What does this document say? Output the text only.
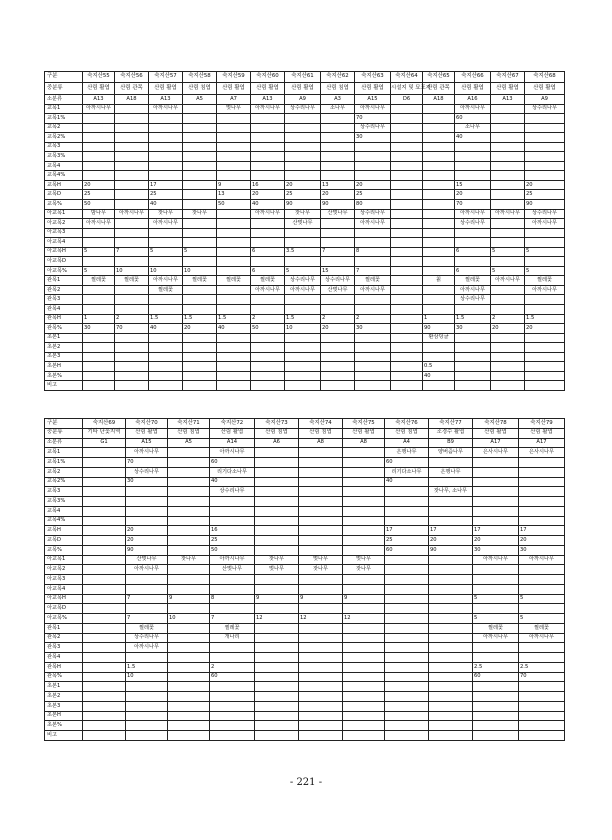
구분	숙지산55	숙지산56	숙지산57	숙지산58	숙지산59	숙지산60	숙지산61	숙지산62	숙지산63	숙지산64	숙지산65	숙지산66	숙지산67	숙지산68
중분류	산림 활엽	산림 관목	산림 활엽	산림 침엽	산림 활엽	산림 활엽	산림 활엽	산림 침엽	산림 활엽	시설지 및 묘포지	산림 관목	산림 활엽	산림 활엽	산림 활엽
소분류	A13	A18	A13	A5	A7	A13	A9	A3	A15	D6	A18	A16	A13	A9
교목1	아까시나무		아까시나무		벚나무	아까시나무	상수리나무	소나무	아까시나무			아까시나무		상수리나무
교목1%									70			60		
교목2									상수리나무			소나무		
교목2%									30			40		
교목3														
교목3%														
교목4														
교목4%														
교목H	20		17		9	16	20	13	20			15		20
교목D	25		25		13	20	25	20	25			20		25
교목%	50		40		50	40	90	90	80			70		90
아교목1	밤나무	아까시나무	잣나무	잣나무		아까시나무	잣나무	산벚나무	상수리나무			아까시나무	아까시나무	상수리나무
아교목2	아까시나무		아까시나무				산벚나무		아까시나무			상수리나무		아까시나무
아교목3														
아교목4														
아교목H	5	7	5	5		6	3.5	7	8			6	5	5
아교목D														
아교목%	5	10	10	10		6	5	15	7			6	5	5
관목1	찔레꽃	찔레꽃	아까시나무	찔레꽃	찔레꽃	찔레꽃	상수리나무	상수리나무	찔레꽃		칡	찔레꽃	아까시나무	찔레꽃
관목2			찔레꽃			아까시나무	아까시나무	산벚나무	아까시나무			아까시나무		아까시나무
관목3												상수리나무		
관목4														
관목H	1	2	1.5	1.5	1.5	2	1.5	2	2		1	1.5	2	1.5
관목%	30	70	40	20	40	50	10	20	30		90	30	20	20
초본1											환삼덩굴			
초본2														
초본3														
초본H											0.5			
초본%											40			
비고														
구분	숙지산69	숙지산70	숙지산71	숙지산72	숙지산73	숙지산74	숙지산75	숙지산76	숙지산77	숙지산78	숙지산79
중분류	기타 단꽃지역	산림 활엽	산림 침엽	산림 활엽	산림 침엽	산림 침엽	산림 활엽	산림 침엽	조경수 활엽	산림 활엽	산림 활엽
소분류	G1	A15	A5	A14	A6	A8	A8	A4	B9	A17	A17
교목1		아까시나무		아까시나무				은행나무	양버즘나무	은사시나무	은사시나무
교목1%		70		60				60			
교목2		상수리나무		리기다소나무				리기다소나무	은행나무		
교목2%		30		40				40			
교목3				상수리나무					잣나무, 소나무		
교목3%											
교목4											
교목4%											
교목H		20		16				17	17	17	17
교목D		20		25				25	20	20	20
교목%		90		50				60	90	30	30
아교목1		산벚나무	잣나무	아까시나무	잣나무	벚나무	벚나무			아까시나무	아까시나무
아교목2		아까시나무		산벚나무	벚나무	잣나무	잣나무				
아교목3											
아교목4											
아교목H		7	9	8	9	9	9			5	5
아교목D											
아교목%		7	10	7	12	12	12			5	5
관목1		찔레꽃		찔레꽃						찔레꽃	찔레꽃
관목2		상수리나무		개나리						아까시나무	아까시나무
관목3		아까시나무									
관목4											
관목H		1.5		2						2.5	2.5
관목%		10		60						60	70
초본1											
초본2											
초본3											
초본H											
초본%											
비고											
- 221 -
